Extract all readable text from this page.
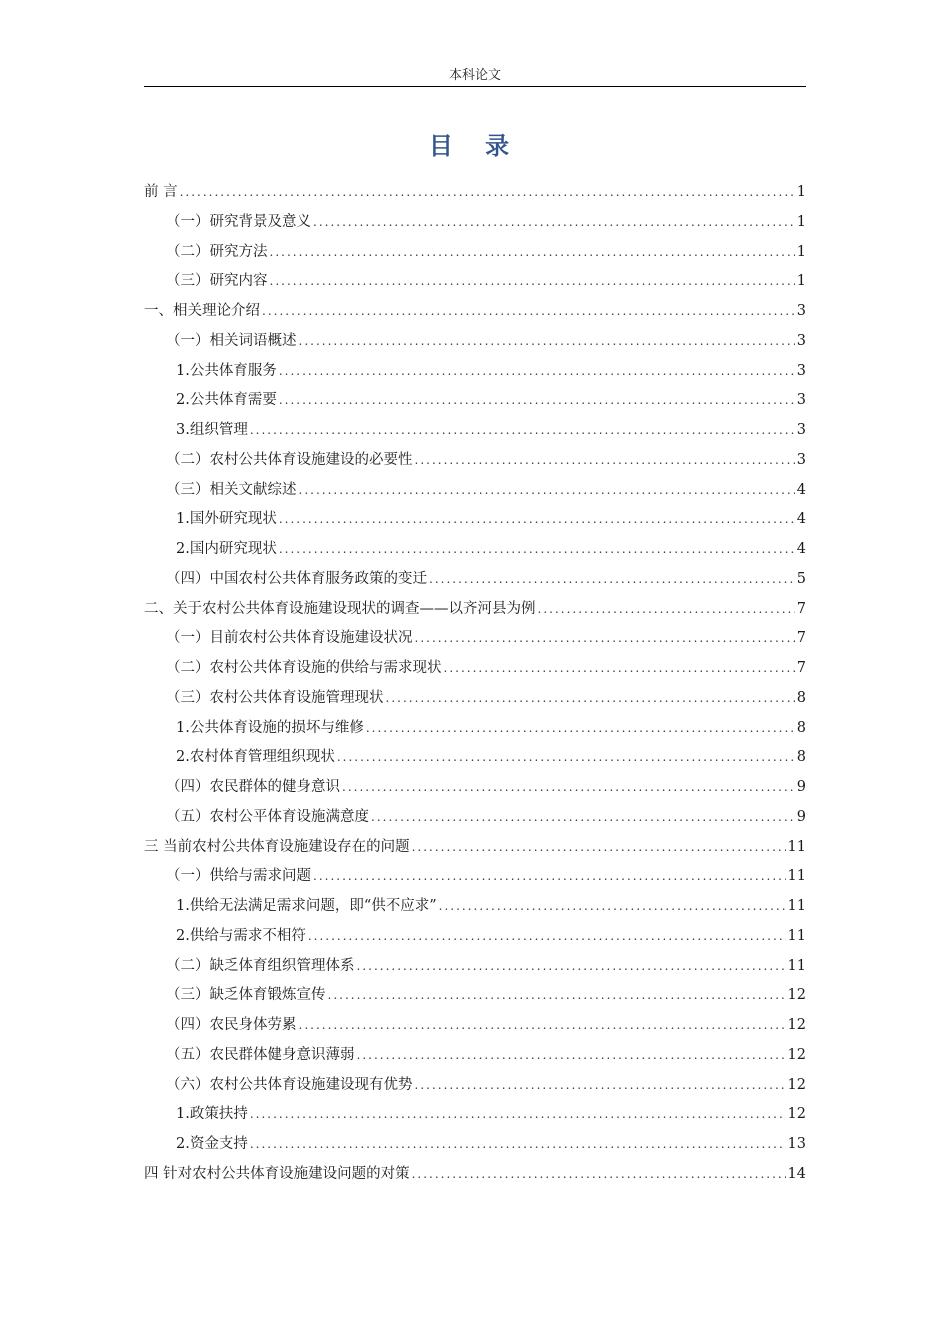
本科论文
目 录
前 言 .....	1
（一）研究背景及意义 .....	1
（二）研究方法 .....	1
（三）研究内容 .....	1
一、相关理论介绍 .....	3
（一）相关词语概述 .....	3
1.公共体育服务 .....	3
2.公共体育需要 .....	3
3.组织管理 .....	3
（二）农村公共体育设施建设的必要性 .....	3
（三）相关文献综述 .....	4
1.国外研究现状 .....	4
2.国内研究现状 .....	4
（四）中国农村公共体育服务政策的变迁 .....	5
二、关于农村公共体育设施建设现状的调查——以齐河县为例 .....	7
（一）目前农村公共体育设施建设状况 .....	7
（二）农村公共体育设施的供给与需求现状 .....	7
（三）农村公共体育设施管理现状 .....	8
1.公共体育设施的损坏与维修 .....	8
2.农村体育管理组织现状 .....	8
（四）农民群体的健身意识 .....	9
（五）农村公平体育设施满意度 .....	9
三 当前农村公共体育设施建设存在的问题 .....	11
（一）供给与需求问题 .....	11
1.供给无法满足需求问题，即“供不应求” .....	11
2.供给与需求不相符 .....	11
（二）缺乏体育组织管理体系 .....	11
（三）缺乏体育锻炼宣传 .....	12
（四）农民身体劳累 .....	12
（五）农民群体健身意识薄弱 .....	12
（六）农村公共体育设施建设现有优势 .....	12
1.政策扶持 .....	12
2.资金支持 .....	13
四 针对农村公共体育设施建设问题的对策 .....	14
